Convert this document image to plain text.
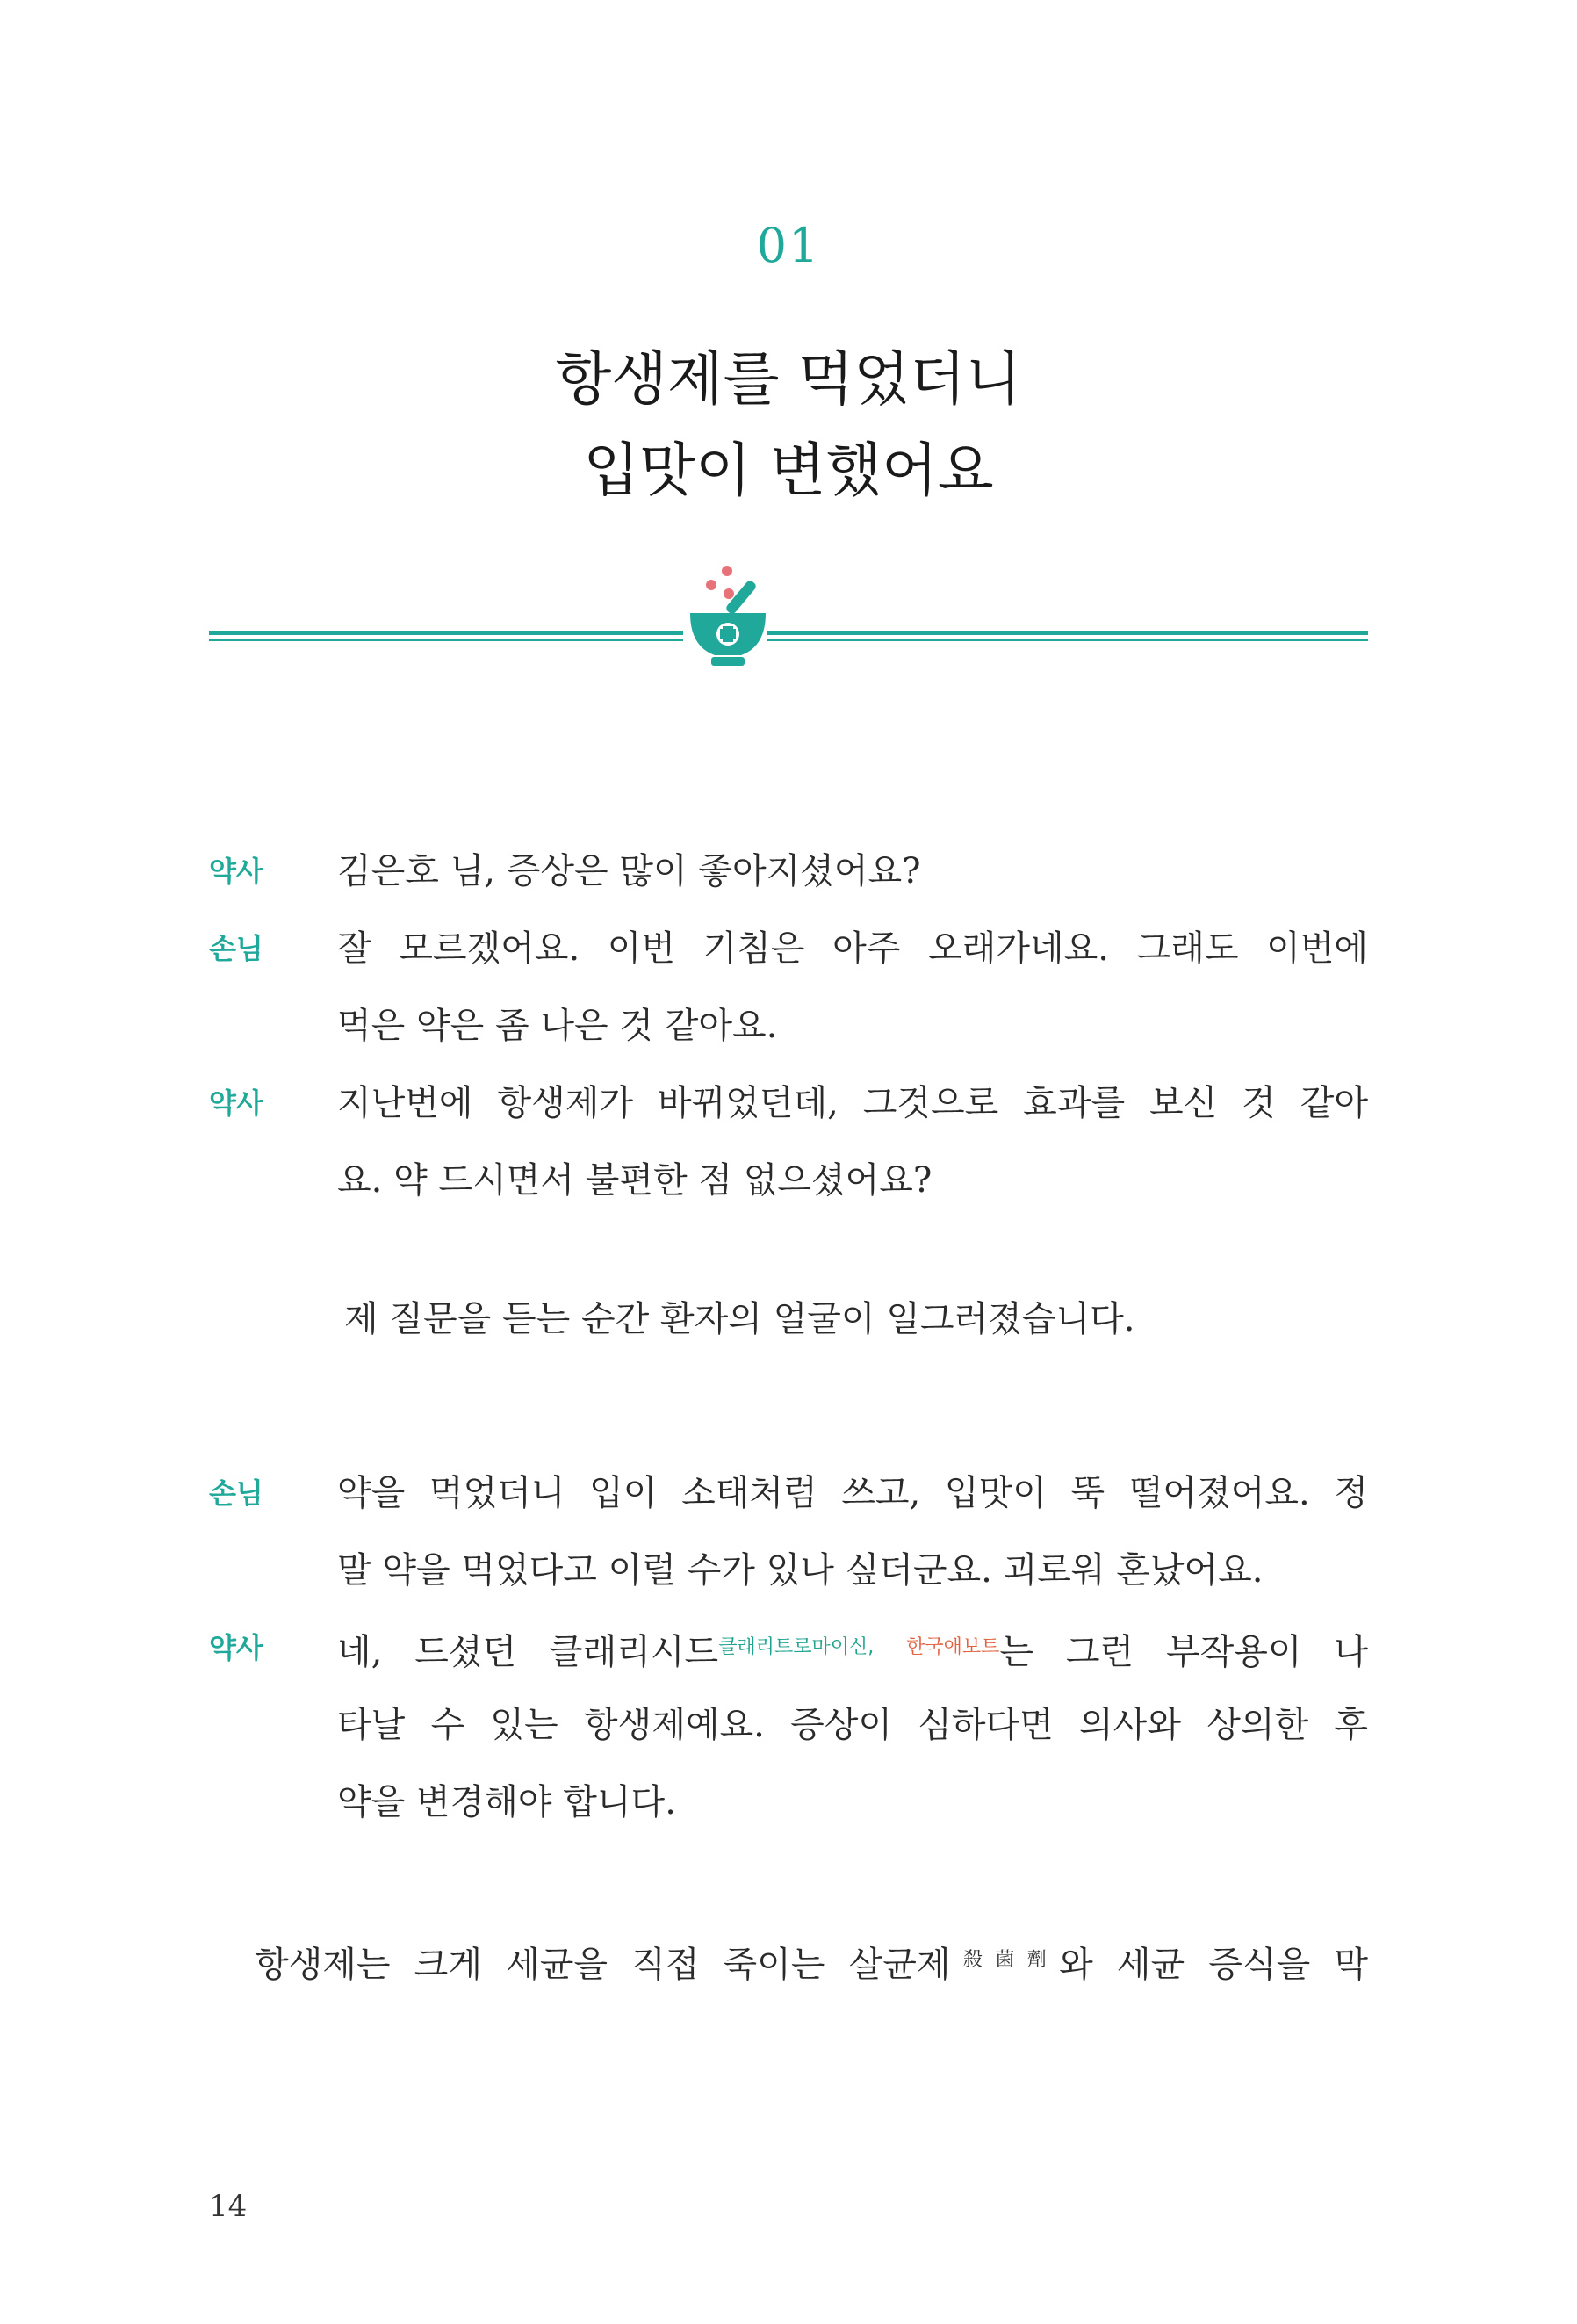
01
항생제를 먹었더니
입맛이 변했어요
약사 김은호 님, 증상은 많이 좋아지셨어요?
손님 잘 모르겠어요. 이번 기침은 아주 오래가네요. 그래도 이번에
먹은 약은 좀 나은 것 같아요.
약사 지난번에 항생제가 바뀌었던데, 그것으로 효과를 보신 것 같아
요. 약 드시면서 불편한 점 없으셨어요?
제 질문을 듣는 순간 환자의 얼굴이 일그러졌습니다.
손님 약을 먹었더니 입이 소태처럼 쓰고, 입맛이 뚝 떨어졌어요. 정
말 약을 먹었다고 이럴 수가 있나 싶더군요. 괴로워 혼났어요.
약사 네, 드셨던 클래리시드$^{클래리트로마이신,}$ $^{한국애보트}$는 그런 부작용이 나
타날 수 있는 항생제예요. 증상이 심하다면 의사와 상의한 후
약을 변경해야 합니다.
항생제는 크게 세균을 직접 죽이는 살균제$^{殺菌劑}$와 세균 증식을 막
14
